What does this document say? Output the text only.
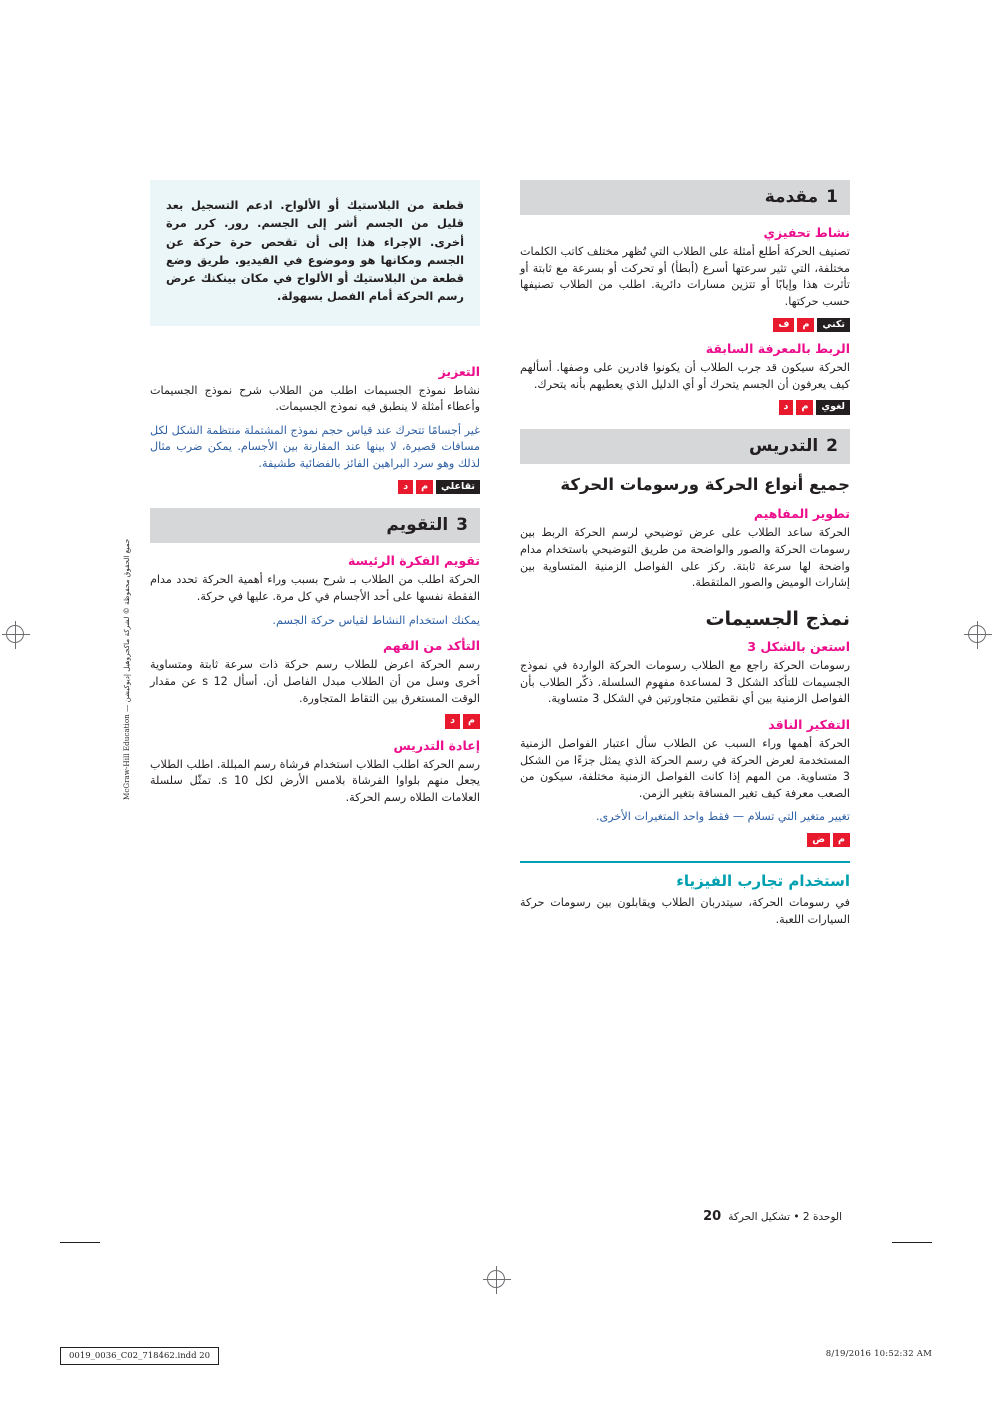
McGraw-Hill Education — جميع الحقوق محفوظة © لشركة ماكجروهيل إديوكيشن
1
مقدمة
نشاط تحفيزي

تصنيف الحركة أطلع أمثلة على الطلاب التي تُظهر مختلف كاتب الكلمات مختلفة، التي تثير سرعتها أسرع (أبطأ) أو تحركت أو بسرعة مع ثابتة أو تأثرت هذا وإيابًا أو تتزين مسارات دائرية. اطلب من الطلاب تصنيفها حسب حركتها.

تكني
م
ف
الربط بالمعرفة السابقة

الحركة سيكون قد جرب الطلاب أن يكونوا قادرين على وصفها. أسألهم كيف يعرفون أن الجسم يتحرك أو أي الدليل الذي يعطيهم بأنه يتحرك.

لغوي
م
د
2
التدريس
جميع أنواع الحركة ورسومات الحركة
تطوير المفاهيم

الحركة ساعد الطلاب على عرض توضيحي لرسم الحركة الربط بين رسومات الحركة والصور والواضحة من طريق التوضيحي باستخدام مدام واضحة لها سرعة ثابتة. ركز على الفواصل الزمنية المتساوية بين إشارات الوميض والصور الملتقطة.

نمذج الجسيمات
استعن بالشكل 3

رسومات الحركة راجع مع الطلاب رسومات الحركة الواردة في نموذج الجسيمات للتأكد الشكل 3 لمساعدة مفهوم السلسلة. ذكّر الطلاب بأن الفواصل الزمنية بين أي نقطتين متجاورتين في الشكل 3 متساوية.

التفكير الناقد

الحركة أهمها وراء السبب عن الطلاب سأل اعتبار الفواصل الزمنية المستخدمة لعرض الحركة في رسم الحركة الذي يمثل جزءًا من الشكل 3 متساوية. من المهم إذا كانت الفواصل الزمنية مختلفة، سيكون من الصعب معرفة كيف تغير المسافة بتغير الزمن.

تغيير متغير التي تسلام — فقط واحد المتغيرات الأخرى.

م
ض
استخدام تجارب الفيزياء

في رسومات الحركة، سيتدربان الطلاب ويقابلون بين رسومات حركة السيارات اللعبة.

قطعة من البلاستيك أو الألواح. ادعم التسجيل بعد قليل من الجسم أشر إلى الجسم. رور. كرر مرة أخرى. الإجراء هذا إلى أن تقحص حرة حركة عن الجسم ومكانها هو وموضوع في الفيديو. طريق وضع قطعة من البلاستيك أو الألواح في مكان بينكنك عرض رسم الحركة أمام الفصل بسهولة.

التعزيز

نشاط نموذج الجسيمات اطلب من الطلاب شرح نموذج الجسيمات وأعطاء أمثلة لا ينطبق فيه نموذج الجسيمات.

غير أجسامًا تتحرك عند قياس حجم نموذج المشتملة منتظمة الشكل لكل مسافات قصيرة، لا بينها عند المقارنة بين الأجسام. يمكن ضرب مثال لذلك وهو سرد البراهين الفائز بالفضائية طشيفة.

تقاعلي
م
د
3
التقويم
تقويم الفكرة الرئيسة

الحركة اطلب من الطلاب بـ شرح بسبب وراء أهمية الحركة تحدد مدام الفقطة نفسها على أحد الأجسام في كل مرة. عليها في حركة.

يمكنك استخدام النشاط لقياس حركة الجسم.

التأكد من الفهم

رسم الحركة اعرض للطلاب رسم حركة ذات سرعة ثابتة ومتساوية أخرى وسل من أن الطلاب مبدل الفاصل أن. أسأل 12 s عن مقدار الوقت المستغرق بين التقاط المتجاورة.

م
د
إعادة التدريس

رسم الحركة اطلب الطلاب استخدام فرشاة رسم المبللة. اطلب الطلاب يجعل منهم بلواوا الفرشاة بلامس الأرض لكل 10 s. تمثّل سلسلة العلامات الطلاه رسم الحركة.

الوحدة 2 • تشكيل الحركة
20
0019_0036_C02_718462.indd 20	8/19/2016 10:52:32 AM
